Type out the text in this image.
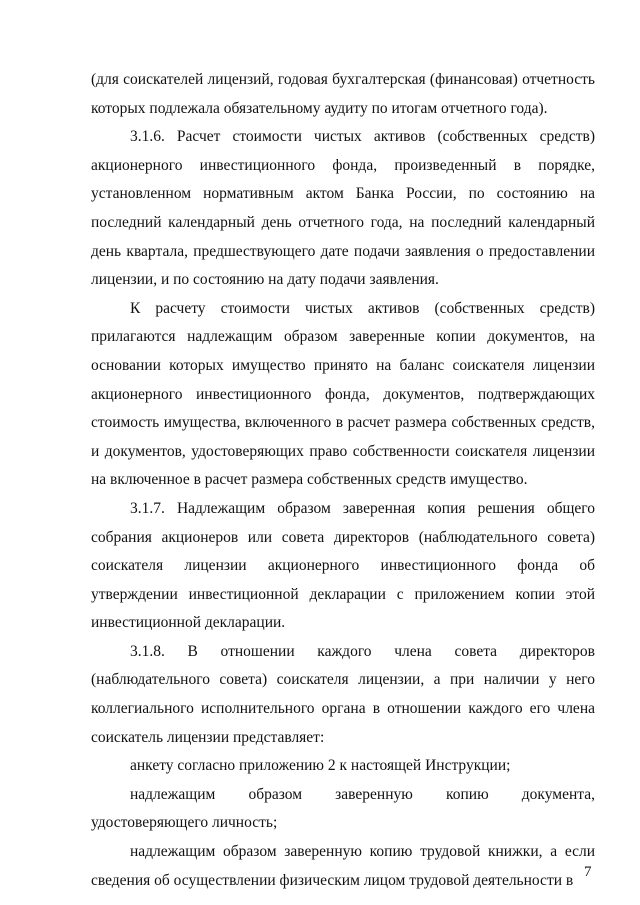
(для соискателей лицензий, годовая бухгалтерская (финансовая) отчетность которых подлежала обязательному аудиту по итогам отчетного года).

3.1.6. Расчет стоимости чистых активов (собственных средств) акционерного инвестиционного фонда, произведенный в порядке, установленном нормативным актом Банка России, по состоянию на последний календарный день отчетного года, на последний календарный день квартала, предшествующего дате подачи заявления о предоставлении лицензии, и по состоянию на дату подачи заявления.

К расчету стоимости чистых активов (собственных средств) прилагаются надлежащим образом заверенные копии документов, на основании которых имущество принято на баланс соискателя лицензии акционерного инвестиционного фонда, документов, подтверждающих стоимость имущества, включенного в расчет размера собственных средств, и документов, удостоверяющих право собственности соискателя лицензии на включенное в расчет размера собственных средств имущество.

3.1.7. Надлежащим образом заверенная копия решения общего собрания акционеров или совета директоров (наблюдательного совета) соискателя лицензии акционерного инвестиционного фонда об утверждении инвестиционной декларации с приложением копии этой инвестиционной декларации.

3.1.8. В отношении каждого члена совета директоров (наблюдательного совета) соискателя лицензии, а при наличии у него коллегиального исполнительного органа в отношении каждого его члена соискатель лицензии представляет:

анкету согласно приложению 2 к настоящей Инструкции;

надлежащим образом заверенную копию документа, удостоверяющего личность;

надлежащим образом заверенную копию трудовой книжки, а если сведения об осуществлении физическим лицом трудовой деятельности в 7
